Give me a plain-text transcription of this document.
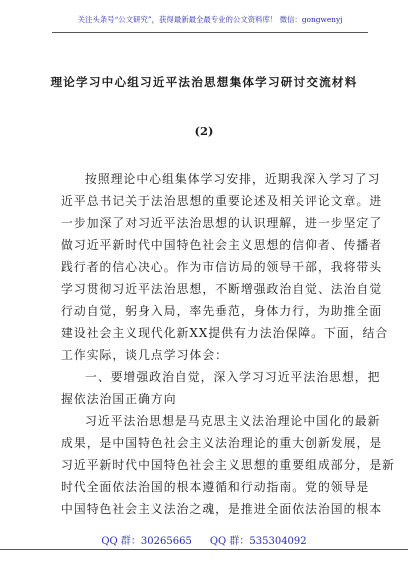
关注头条号“公文研究”，获得最新最全最专业的公文资料库！ 微信：gongwenyj
理论学习中心组习近平法治思想集体学习研讨交流材料
(2)
按照理论中心组集体学习安排，近期我深入学习了习
近平总书记关于法治思想的重要论述及相关评论文章。进
一步加深了对习近平法治思想的认识理解，进一步坚定了
做习近平新时代中国特色社会主义思想的信仰者、传播者
践行者的信心决心。作为市信访局的领导干部，我将带头
学习贯彻习近平法治思想，不断增强政治自觉、法治自觉
行动自觉，躬身入局，率先垂范，身体力行，为助推全面
建设社会主义现代化新XX提供有力法治保障。下面，结合
工作实际，谈几点学习体会：
一、要增强政治自觉，深入学习习近平法治思想，把
握依法治国正确方向
习近平法治思想是马克思主义法治理论中国化的最新
成果，是中国特色社会主义法治理论的重大创新发展，是
习近平新时代中国特色社会主义思想的重要组成部分，是新
时代全面依法治国的根本遵循和行动指南。党的领导是
中国特色社会主义法治之魂，是推进全面依法治国的根本
QQ 群：30265665 QQ 群：535304092
